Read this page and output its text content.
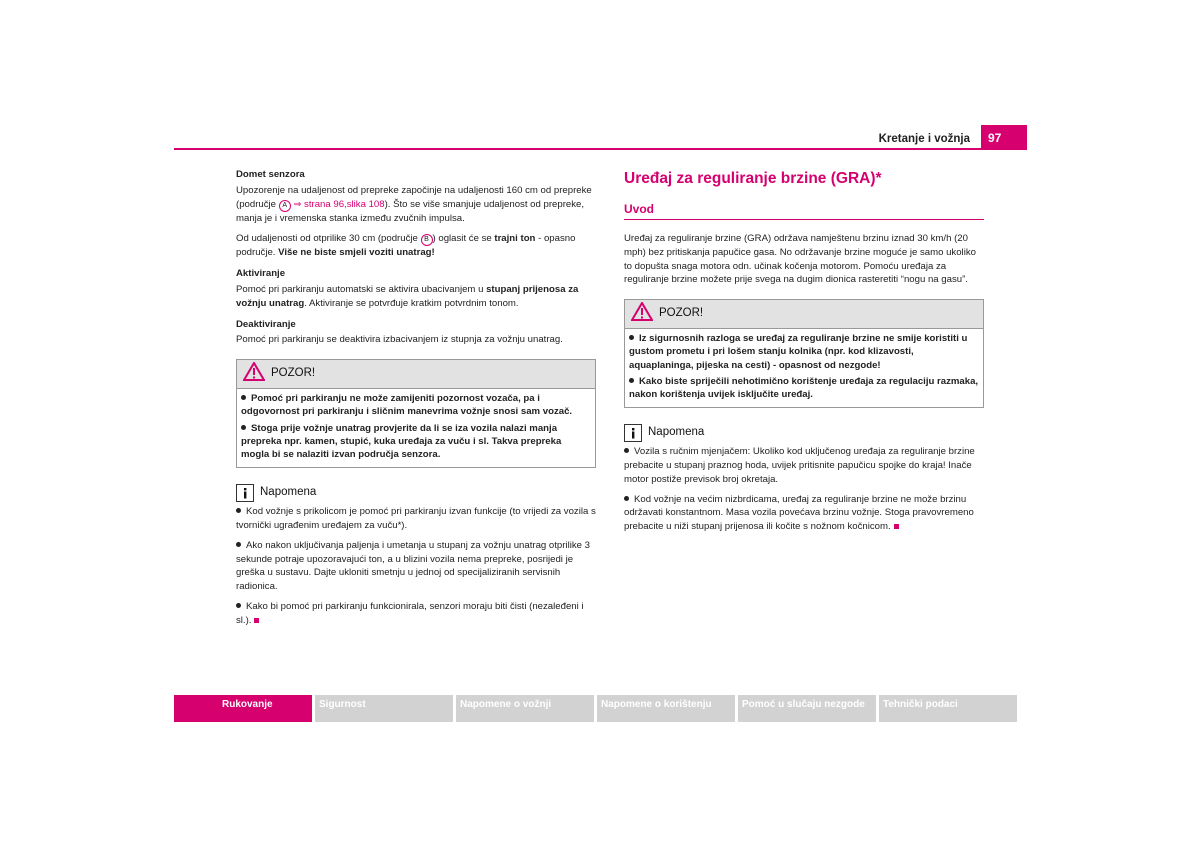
Kretanje i vožnja	97
Domet senzora

Upozorenje na udaljenost od prepreke započinje na udaljenosti 160 cm od prepreke (područje A ⇒ strana 96,slika 108). Što se više smanjuje udaljenost od prepreke, manja je i vremenska stanka između zvučnih impulsa.

Od udaljenosti od otprilike 30 cm (područje B ) oglasit će se trajni ton - opasno područje. Više ne biste smjeli voziti unatrag!

Aktiviranje

Pomoć pri parkiranju automatski se aktivira ubacivanjem u stupanj prijenosa za vožnju unatrag. Aktiviranje se potvrđuje kratkim potvrdnim tonom.

Deaktiviranje

Pomoć pri parkiranju se deaktivira izbacivanjem iz stupnja za vožnju unatrag.

POZOR!
Pomoć pri parkiranju ne može zamijeniti pozornost vozača, pa i odgovornost pri parkiranju i sličnim manevrima vožnje snosi sam vozač.
Stoga prije vožnje unatrag provjerite da li se iza vozila nalazi manja prepreka npr. kamen, stupić, kuka uređaja za vuču i sl. Takva prepreka mogla bi se nalaziti izvan područja senzora.
Napomena
Kod vožnje s prikolicom je pomoć pri parkiranju izvan funkcije (to vrijedi za vozila s tvornički ugrađenim uređajem za vuču*).
Ako nakon uključivanja paljenja i umetanja u stupanj za vožnju unatrag otprilike 3 sekunde potraje upozoravajući ton, a u blizini vozila nema prepreke, posrijedi je greška u sustavu. Dajte ukloniti smetnju u jednoj od specijaliziranih servisnih radionica.
Kako bi pomoć pri parkiranju funkcionirala, senzori moraju biti čisti (nezaleđeni i sl.).
Uređaj za reguliranje brzine (GRA)*
Uvod

Uređaj za reguliranje brzine (GRA) održava namještenu brzinu iznad 30 km/h (20 mph) bez pritiskanja papučice gasa. No održavanje brzine moguće je samo ukoliko to dopušta snaga motora odn. učinak kočenja motorom. Pomoću uređaja za reguliranje brzine možete prije svega na dugim dionica rasteretiti “nogu na gasu”.

POZOR!
Iz sigurnosnih razloga se uređaj za reguliranje brzine ne smije koristiti u gustom prometu i pri lošem stanju kolnika (npr. kod klizavosti, aquaplaninga, pijeska na cesti) - opasnost od nezgode!
Kako biste spriječili nehotimično korištenje uređaja za regulaciju razmaka, nakon korištenja uvijek isključite uređaj.
Napomena
Vozila s ručnim mjenjačem: Ukoliko kod uključenog uređaja za reguliranje brzine prebacite u stupanj praznog hoda, uvijek pritisnite papučicu spojke do kraja! Inače motor postiže previsok broj okretaja.
Kod vožnje na većim nizbrdicama, uređaj za reguliranje brzine ne može brzinu održavati konstantnom. Masa vozila povećava brzinu vožnje. Stoga pravovremeno prebacite u niži stupanj prijenosa ili kočite s nožnom kočnicom.
Rukovanje	Sigurnost	Napomene o vožnji	Napomene o korištenju	Pomoć u slučaju nezgode	Tehnički podaci
